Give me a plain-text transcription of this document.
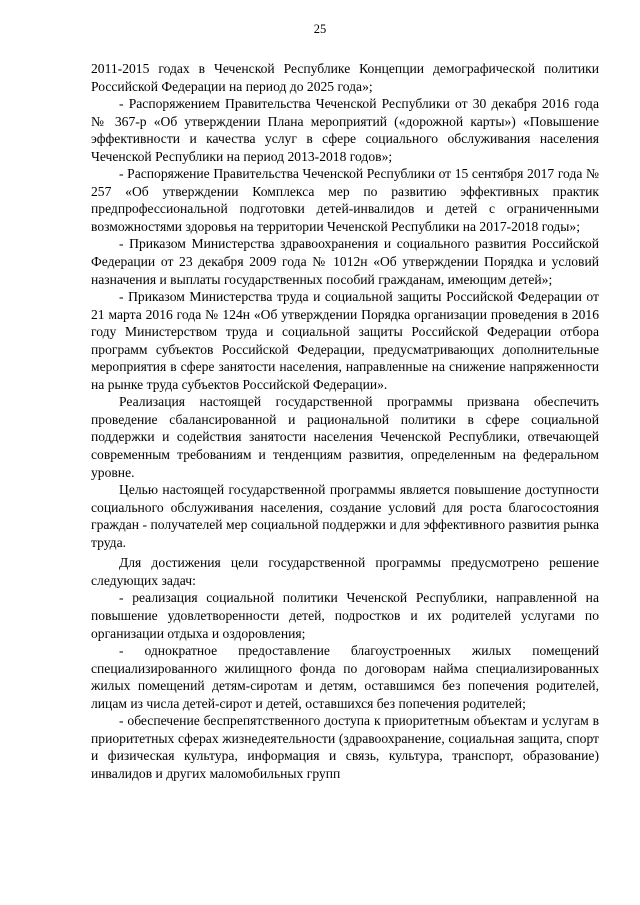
25

2011-2015 годах в Чеченской Республике Концепции демографической политики Российской Федерации на период до 2025 года»;

- Распоряжением Правительства Чеченской Республики от 30 декабря 2016 года № 367-р «Об утверждении Плана мероприятий («дорожной карты») «Повышение эффективности и качества услуг в сфере социального обслуживания населения Чеченской Республики на период 2013-2018 годов»;

- Распоряжение Правительства Чеченской Республики от 15 сентября 2017 года № 257 «Об утверждении Комплекса мер по развитию эффективных практик предпрофессиональной подготовки детей-инвалидов и детей с ограниченными возможностями здоровья на территории Чеченской Республики на 2017-2018 годы»;

- Приказом Министерства здравоохранения и социального развития Российской Федерации от 23 декабря 2009 года № 1012н «Об утверждении Порядка и условий назначения и выплаты государственных пособий гражданам, имеющим детей»;

- Приказом Министерства труда и социальной защиты Российской Федерации от 21 марта 2016 года № 124н «Об утверждении Порядка организации проведения в 2016 году Министерством труда и социальной защиты Российской Федерации отбора программ субъектов Российской Федерации, предусматривающих дополнительные мероприятия в сфере занятости населения, направленные на снижение напряженности на рынке труда субъектов Российской Федерации».

Реализация настоящей государственной программы призвана обеспечить проведение сбалансированной и рациональной политики в сфере социальной поддержки и содействия занятости населения Чеченской Республики, отвечающей современным требованиям и тенденциям развития, определенным на федеральном уровне.

Целью настоящей государственной программы является повышение доступности социального обслуживания населения, создание условий для роста благосостояния граждан - получателей мер социальной поддержки и для эффективного развития рынка труда.

Для достижения цели государственной программы предусмотрено решение следующих задач:

- реализация социальной политики Чеченской Республики, направленной на повышение удовлетворенности детей, подростков и их родителей услугами по организации отдыха и оздоровления;

- однократное предоставление благоустроенных жилых помещений специализированного жилищного фонда по договорам найма специализированных жилых помещений детям-сиротам и детям, оставшимся без попечения родителей, лицам из числа детей-сирот и детей, оставшихся без попечения родителей;

- обеспечение беспрепятственного доступа к приоритетным объектам и услугам в приоритетных сферах жизнедеятельности (здравоохранение, социальная защита, спорт и физическая культура, информация и связь, культура, транспорт, образование) инвалидов и других маломобильных групп
